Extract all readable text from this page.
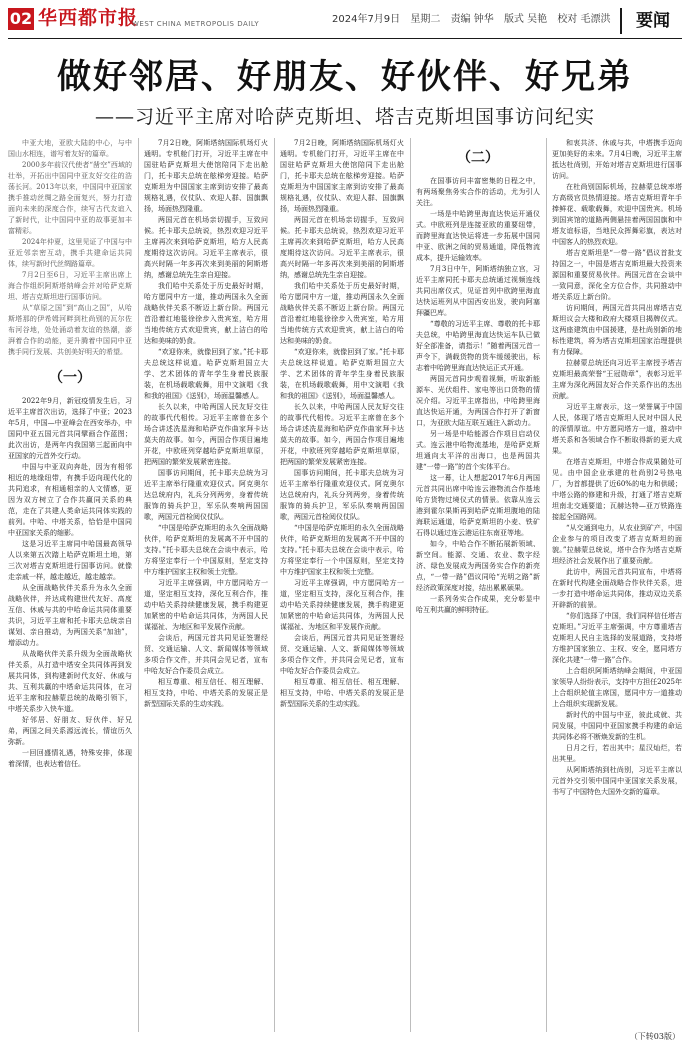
02 华西都市报
WEST CHINA METROPOLIS DAILY	2024年7月9日 星期二 责编 钟华 版式 吴艳 校对 毛漂洪	要闻
做好邻居、好朋友、好伙伴、好兄弟
——习近平主席对哈萨克斯坦、塔吉克斯坦国事访问纪实

中亚大地，亚欧大陆的中心，与中国山水相连，谱写着友好的篇章。

2000多年前汉代使者“凿空”西域的壮举，开拓出中国同中亚友好交往的浩荡长河。2013年以来，中国同中亚国家携手推动丝绸之路全面复兴，努力打造面向未来的深度合作，续写古代友谊入了新时代，让中国同中亚的故事更加丰富精彩。

2024年仲夏，这里见证了中国与中亚近邻亲密互动，携手共建命运共同体，续写新时代丝绸路篇章。

7月2日至6日，习近平主席出席上海合作组织阿斯塔纳峰会并对哈萨克斯坦、塔吉克斯坦进行国事访问。

从“草原之国”到“高山之国”，从哈斯塔那的伊希姆河畔到杜尚别的瓦尔佐布河谷地，处处涌动着友谊的热潮，澎湃着合作的动能，更升腾着中国同中亚携手同行发展、共创美好明天的希望。

（一）

2022年9月，新冠疫情发生后，习近平主席首次出访，选择了中亚；2023年5月，中国—中亚峰会在西安举办，中国同中亚五国元首共同擘画合作蓝图；此次出访，是两年内我国第三起面向中亚国家的元首外交行动。

中国与中亚双向奔赴，因为有相邻相近的地缘纽带，有携手迈向现代化的共同追求，有相通相亲的人文情感，更因为双方树立了合作共赢同关系的典范，走在了共建人类命运共同体实践的前列。中哈、中塔关系，恰恰是中国同中亚国家关系的缩影。

这是习近平主席同中哈国最高领导人以来第五次踏上哈萨克斯坦土地，第三次对塔吉克斯坦进行国事访问。就像走亲戚一样，越走越近，越走越亲。

从全面战略伙伴关系升为永久全面战略伙伴，并达成构建世代友好、高度互信、休戚与共的中哈命运共同体重要共识，习近平主席和托卡耶夫总统亲自谋划、亲自推动，为两国关系“加油”，增添动力。

从战略伙伴关系升级为全面战略伙伴关系，从打造中塔安全共同体再到发展共同体，到构建新时代友好、休戚与共、互利共赢的中塔命运共同体，在习近平主席和拉赫蒙总统的战略引领下，中塔关系步入快车道。

好邻居、好朋友、好伙伴、好兄弟，两国之间关系源远流长，情谊历久弥新。

一回回盛情礼遇，特殊安排，体现着深情，也表达着信任。

7月2日晚，阿斯塔纳国际机场灯火通明。专机舱门打开，习近平主席在中国驻哈萨克斯坦大使馆陪同下走出舱门，托卡耶夫总统在舷梯旁迎接。哈萨克斯坦为中国国家主席到访安排了最高规格礼遇，仪仗队、欢迎人群、国旗飘扬，场面热烈隆重。

两国元首在机场亲切握手，互致问候。托卡耶夫总统说，热烈欢迎习近平主席再次来到哈萨克斯坦，哈方人民高度期待这次访问。习近平主席表示，很高兴时隔一年多再次来到美丽的阿斯塔纳，感谢总统先生亲自迎接。

我们哈中关系处于历史最好时期，哈方愿同中方一道，推动两国永久全面战略伙伴关系不断迈上新台阶。两国元首沿着红地毯徐徐步入贵宾室，哈方用当地传统方式欢迎贵宾，献上洁白的哈达和美味的奶食。

“欢迎你来，就像回到了家。”托卡耶夫总统这样说道。哈萨克斯坦国立大学、艺术团体的青年学生身着民族服装，在机场载歌载舞，用中文演唱《我和我的祖国》《送别》，场面温馨感人。

长久以来，中哈两国人民友好交往的故事代代相传。习近平主席曾在多个场合讲述冼星海和哈萨克作曲家拜卡达莫夫的故事。如今，两国合作项目遍地开花，中欧班列穿越哈萨克斯坦草原，把两国的繁荣发展紧密连接。

国事访问期间，托卡耶夫总统为习近平主席举行隆重欢迎仪式。阿克奥尔达总统府内，礼兵分列两旁，身着传统服饰的骑兵护卫，军乐队奏响两国国歌，两国元首检阅仪仗队。

“中国是哈萨克斯坦的永久全面战略伙伴，哈萨克斯坦的发展离不开中国的支持。”托卡耶夫总统在会谈中表示，哈方将坚定奉行一个中国原则，坚定支持中方维护国家主权和领土完整。

习近平主席强调，中方愿同哈方一道，坚定相互支持，深化互利合作，推动中哈关系持续健康发展，携手构建更加紧密的中哈命运共同体，为两国人民谋福祉、为地区和平发展作贡献。

会谈后，两国元首共同见证签署经贸、交通运输、人文、新闻媒体等领域多项合作文件，并共同会见记者，宣布中哈友好合作委员会成立。

相互尊重、相互信任、相互理解、相互支持，中哈、中塔关系的发展正是新型国际关系的生动实践。

7月2日晚，阿斯塔纳国际机场灯火通明。专机舱门打开，习近平主席在中国驻哈萨克斯坦大使馆陪同下走出舱门，托卡耶夫总统在舷梯旁迎接。哈萨克斯坦为中国国家主席到访安排了最高规格礼遇，仪仗队、欢迎人群、国旗飘扬，场面热烈隆重。

两国元首在机场亲切握手，互致问候。托卡耶夫总统说，热烈欢迎习近平主席再次来到哈萨克斯坦，哈方人民高度期待这次访问。习近平主席表示，很高兴时隔一年多再次来到美丽的阿斯塔纳，感谢总统先生亲自迎接。

我们哈中关系处于历史最好时期，哈方愿同中方一道，推动两国永久全面战略伙伴关系不断迈上新台阶。两国元首沿着红地毯徐徐步入贵宾室，哈方用当地传统方式欢迎贵宾，献上洁白的哈达和美味的奶食。

“欢迎你来，就像回到了家。”托卡耶夫总统这样说道。哈萨克斯坦国立大学、艺术团体的青年学生身着民族服装，在机场载歌载舞，用中文演唱《我和我的祖国》《送别》，场面温馨感人。

长久以来，中哈两国人民友好交往的故事代代相传。习近平主席曾在多个场合讲述冼星海和哈萨克作曲家拜卡达莫夫的故事。如今，两国合作项目遍地开花，中欧班列穿越哈萨克斯坦草原，把两国的繁荣发展紧密连接。

国事访问期间，托卡耶夫总统为习近平主席举行隆重欢迎仪式。阿克奥尔达总统府内，礼兵分列两旁，身着传统服饰的骑兵护卫，军乐队奏响两国国歌，两国元首检阅仪仗队。

“中国是哈萨克斯坦的永久全面战略伙伴，哈萨克斯坦的发展离不开中国的支持。”托卡耶夫总统在会谈中表示，哈方将坚定奉行一个中国原则，坚定支持中方维护国家主权和领土完整。

习近平主席强调，中方愿同哈方一道，坚定相互支持，深化互利合作，推动中哈关系持续健康发展，携手构建更加紧密的中哈命运共同体，为两国人民谋福祉、为地区和平发展作贡献。

会谈后，两国元首共同见证签署经贸、交通运输、人文、新闻媒体等领域多项合作文件，并共同会见记者，宣布中哈友好合作委员会成立。

相互尊重、相互信任、相互理解、相互支持，中哈、中塔关系的发展正是新型国际关系的生动实践。

（二）

在国事访问丰富密集的日程之中，有两场聚焦务实合作的活动，尤为引人关注。

一场是中哈跨里海直达快运开通仪式。中欧班列是连接亚欧的重要纽带，而跨里海直达快运将进一步拓展中国同中亚、欧洲之间的贸易通道，降低物流成本，提升运输效率。

7月3日中午，阿斯塔纳独立宫，习近平主席同托卡耶夫总统通过视频连线共同出席仪式，见证首列中欧跨里海直达快运班列从中国西安出发，驶向阿塞拜疆巴库。

“尊敬的习近平主席、尊敬的托卡耶夫总统，中哈跨里海直达快运车队已做好全部准备，请指示！”随着两国元首一声令下，满载货物的货车缓缓驶出，标志着中哈跨里海直达快运正式开通。

两国元首同步观看视频，听取新能源车、光伏组件、家电等出口货物的情况介绍。习近平主席指出，中哈跨里海直达快运开通，为两国合作打开了新窗口，为亚欧大陆互联互通注入新动力。

另一场是中哈能源合作项目启动仪式。连云港中哈物流基地，是哈萨克斯坦通向太平洋的出海口，也是两国共建“一带一路”的首个实体平台。

这一幕，让人想起2017年6月两国元首共同出席中哈连云港物流合作基地哈方货物过境仪式的情景。依靠从连云港到霍尔果斯再到哈萨克斯坦腹地的陆海联运通道，哈萨克斯坦的小麦、铁矿石得以通过连云港运往东南亚等地。

如今，中哈合作不断拓展新领域、新空间。能源、交通、农业、数字经济、绿色发展成为两国务实合作的新亮点，“一带一路”倡议同哈“光明之路”新经济政策深度对接，结出累累硕果。

一系列务实合作成果，充分彰显中哈互利共赢的鲜明特征。

和衷共济、休戚与共，中塔携手迈向更加美好的未来。7月4日晚，习近平主席抵达杜尚别，开始对塔吉克斯坦进行国事访问。

在杜尚别国际机场，拉赫蒙总统率塔方高级官员热情迎接。塔吉克斯坦青年手捧鲜花、载歌载舞，欢迎中国贵宾。机场到国宾馆的道路两侧悬挂着两国国旗和中塔友谊标语，当地民众挥舞彩旗，表达对中国客人的热烈欢迎。

塔吉克斯坦是“一带一路”倡议首批支持国之一，中国是塔吉克斯坦最大投资来源国和重要贸易伙伴。两国元首在会谈中一致同意，深化全方位合作，共同推动中塔关系迈上新台阶。

访问期间，两国元首共同出席塔吉克斯坦议会大楼和政府大楼项目揭牌仪式。这两座建筑由中国援建，是杜尚别新的地标性建筑，将为塔吉克斯坦国家治理提供有力保障。

拉赫蒙总统还向习近平主席授予塔吉克斯坦最高荣誉“王冠勋章”，表彰习近平主席为深化两国友好合作关系作出的杰出贡献。

习近平主席表示，这一荣誉属于中国人民，体现了塔吉克斯坦人民对中国人民的深情厚谊。中方愿同塔方一道，推动中塔关系和各领域合作不断取得新的更大成果。

在塔吉克斯坦，中塔合作成果随处可见。由中国企业承建的杜尚别2号热电厂，为首都提供了近60%的电力和供暖；中塔公路的修建和升级，打通了塔吉克斯坦南北交通要道；瓦赫达特—亚万铁路连接起全国路网。

“从交通到电力，从农业到矿产，中国企业参与的项目改变了塔吉克斯坦的面貌。”拉赫蒙总统说，塔中合作为塔吉克斯坦经济社会发展作出了重要贡献。

此访中，两国元首共同宣布，中塔将在新时代构建全面战略合作伙伴关系，进一步打造中塔命运共同体，推动双边关系开辟新的前景。

“你们选择了中国，我们同样信任塔吉克斯坦。”习近平主席强调，中方尊重塔吉克斯坦人民自主选择的发展道路，支持塔方维护国家独立、主权、安全，愿同塔方深化共建“一带一路”合作。

上合组织阿斯塔纳峰会期间，中亚国家领导人纷纷表示，支持中方担任2025年上合组织轮值主席国，愿同中方一道推动上合组织实现新发展。

新时代的中国与中亚，彼此成就、共同发展，中国同中亚国家携手构建的命运共同体必将不断焕发新的生机。

日月之行，若出其中；星汉灿烂，若出其里。

从阿斯塔纳到杜尚别，习近平主席以元首外交引领中国同中亚国家关系发展，书写了中国特色大国外交新的篇章。

（下转03版）
